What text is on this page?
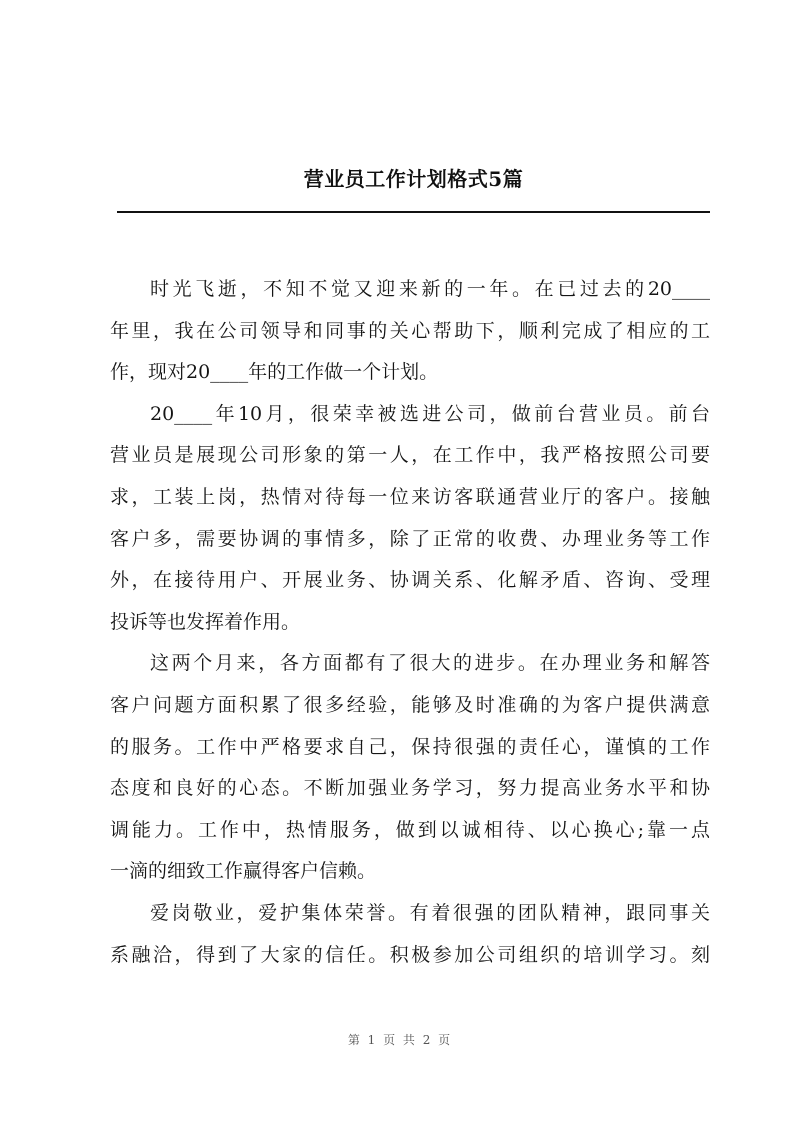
营业员工作计划格式5篇
时光飞逝，不知不觉又迎来新的一年。在已过去的20____
年里，我在公司领导和同事的关心帮助下，顺利完成了相应的工
作，现对20____年的工作做一个计划。
20____年10月，很荣幸被选进公司，做前台营业员。前台
营业员是展现公司形象的第一人，在工作中，我严格按照公司要
求，工装上岗，热情对待每一位来访客联通营业厅的客户。接触
客户多，需要协调的事情多，除了正常的收费、办理业务等工作
外，在接待用户、开展业务、协调关系、化解矛盾、咨询、受理
投诉等也发挥着作用。
这两个月来，各方面都有了很大的进步。在办理业务和解答
客户问题方面积累了很多经验，能够及时准确的为客户提供满意
的服务。工作中严格要求自己，保持很强的责任心，谨慎的工作
态度和良好的心态。不断加强业务学习，努力提高业务水平和协
调能力。工作中，热情服务，做到以诚相待、以心换心;靠一点
一滴的细致工作赢得客户信赖。
爱岗敬业，爱护集体荣誉。有着很强的团队精神，跟同事关
系融洽，得到了大家的信任。积极参加公司组织的培训学习。刻
第 1 页 共 2 页
